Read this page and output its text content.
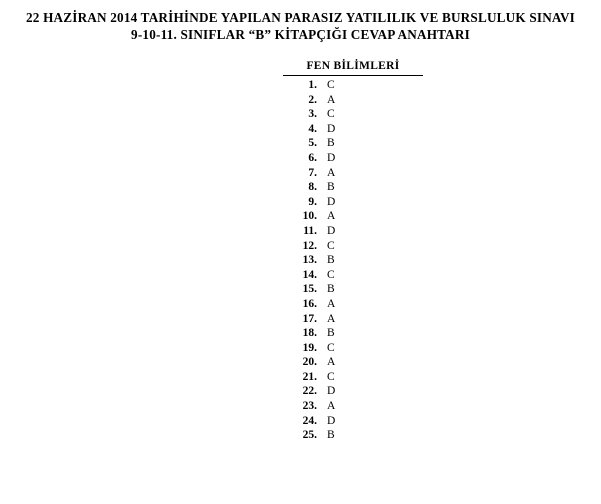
22 HAZİRAN 2014 TARİHİNDE YAPILAN PARASIZ YATILILIK VE BURSLULUK SINAVI
9-10-11. SINIFLAR “B” KİTAPÇIĞI CEVAP ANAHTARI
FEN BİLİMLERİ
1. C
2. A
3. C
4. D
5. B
6. D
7. A
8. B
9. D
10. A
11. D
12. C
13. B
14. C
15. B
16. A
17. A
18. B
19. C
20. A
21. C
22. D
23. A
24. D
25. B
